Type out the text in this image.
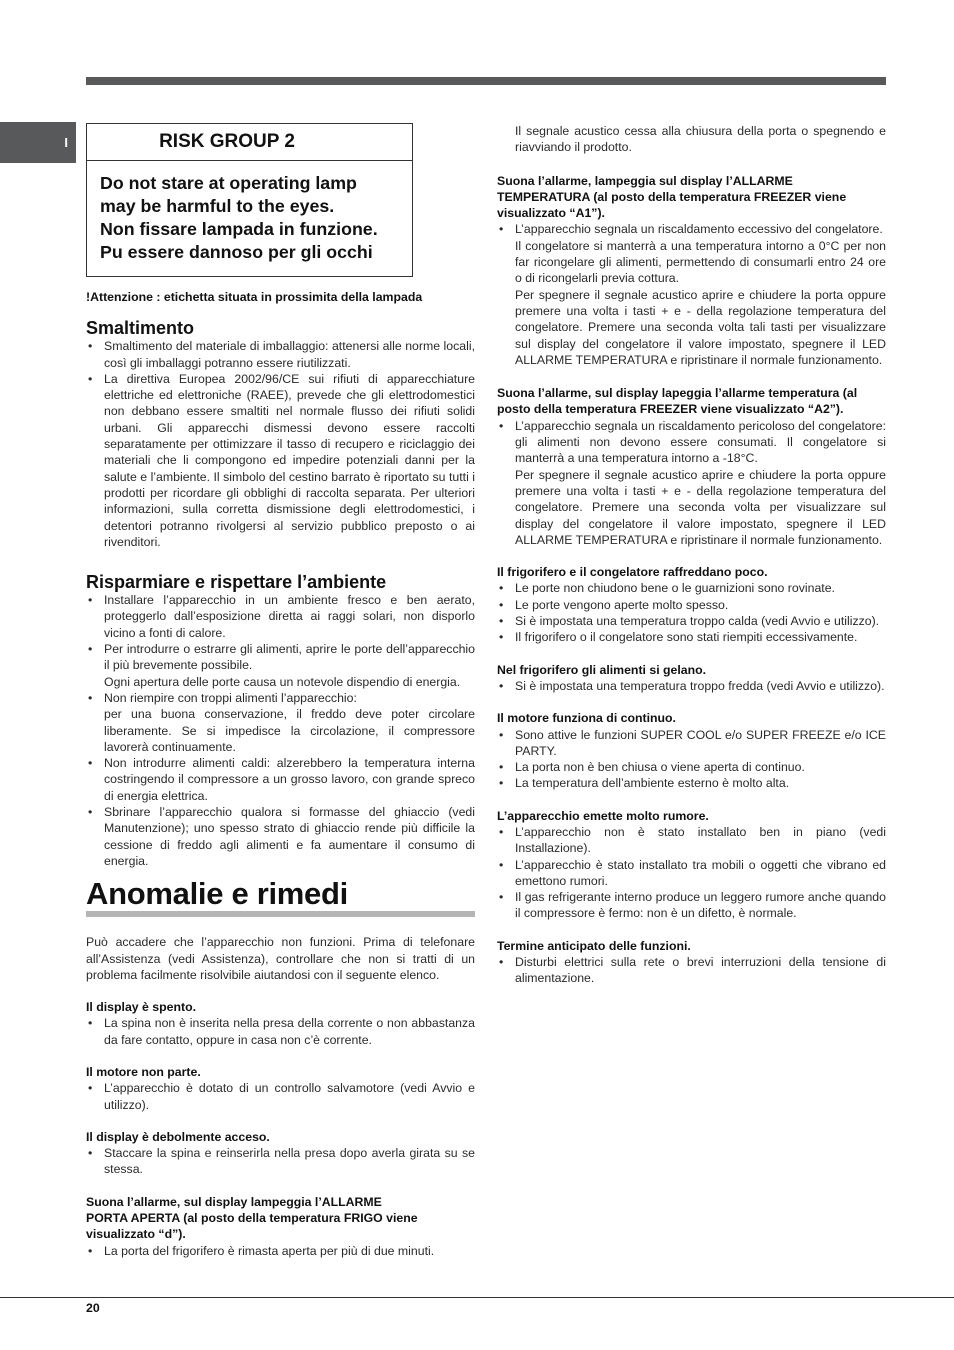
I	RISK GROUP 2
Do not stare at operating lamp
may be harmful to the eyes.
Non fissare lampada in funzione.
Pu essere dannoso per gli occhi
!Attenzione : etichetta situata in prossimita della lampada
Smaltimento
• Smaltimento del materiale di imballaggio: attenersi alle norme locali, così gli imballaggi potranno essere riutilizzati.
• La direttiva Europea 2002/96/CE sui rifiuti di apparecchiature elettriche ed elettroniche (RAEE), prevede che gli elettrodomestici non debbano essere smaltiti nel normale flusso dei rifiuti solidi urbani. Gli apparecchi dismessi devono essere raccolti separatamente per ottimizzare il tasso di recupero e riciclaggio dei materiali che li compongono ed impedire potenziali danni per la salute e l’ambiente. Il simbolo del cestino barrato è riportato su tutti i prodotti per ricordare gli obblighi di raccolta separata. Per ulteriori informazioni, sulla corretta dismissione degli elettrodomestici, i detentori potranno rivolgersi al servizio pubblico preposto o ai rivenditori.
Risparmiare e rispettare l’ambiente
• Installare l’apparecchio in un ambiente fresco e ben aerato, proteggerlo dall’esposizione diretta ai raggi solari, non disporlo vicino a fonti di calore.
• Per introdurre o estrarre gli alimenti, aprire le porte dell’apparecchio il più brevemente possibile.
Ogni apertura delle porte causa un notevole dispendio di energia.
• Non riempire con troppi alimenti l’apparecchio:
per una buona conservazione, il freddo deve poter circolare liberamente. Se si impedisce la circolazione, il compressore lavorerà continuamente.
• Non introdurre alimenti caldi: alzerebbero la temperatura interna costringendo il compressore a un grosso lavoro, con grande spreco di energia elettrica.
• Sbrinare l’apparecchio qualora si formasse del ghiaccio (vedi Manutenzione); uno spesso strato di ghiaccio rende più difficile la cessione di freddo agli alimenti e fa aumentare il consumo di energia.
Anomalie e rimedi

Può accadere che l’apparecchio non funzioni. Prima di telefonare all’Assistenza (vedi Assistenza), controllare che non si tratti di un problema facilmente risolvibile aiutandosi con il seguente elenco.

Il display è spento.
• La spina non è inserita nella presa della corrente o non abbastanza da fare contatto, oppure in casa non c’è corrente.
Il motore non parte.
• L’apparecchio è dotato di un controllo salvamotore (vedi Avvio e utilizzo).
Il display è debolmente acceso.
• Staccare la spina e reinserirla nella presa dopo averla girata su se stessa.
Suona l’allarme, sul display lampeggia l’ALLARME
PORTA APERTA (al posto della temperatura FRIGO viene
visualizzato “d”).
• La porta del frigorifero è rimasta aperta per più di due minuti.
Il segnale acustico cessa alla chiusura della porta o spegnendo e riavviando il prodotto.
Suona l’allarme, lampeggia sul display l’ALLARME TEMPERATURA (al posto della temperatura FREEZER viene visualizzato “A1”).
• L’apparecchio segnala un riscaldamento eccessivo del congelatore.
Il congelatore si manterrà a una temperatura intorno a 0°C per non far ricongelare gli alimenti, permettendo di consumarli entro 24 ore o di ricongelarli previa cottura.
Per spegnere il segnale acustico aprire e chiudere la porta oppure premere una volta i tasti + e - della regolazione temperatura del congelatore. Premere una seconda volta tali tasti per visualizzare sul display del congelatore il valore impostato, spegnere il LED ALLARME TEMPERATURA e ripristinare il normale funzionamento.
Suona l’allarme, sul display lapeggia l’allarme temperatura (al posto della temperatura FREEZER viene visualizzato “A2”).
• L’apparecchio segnala un riscaldamento pericoloso del congelatore: gli alimenti non devono essere consumati. Il congelatore si manterrà a una temperatura intorno a -18°C.
Per spegnere il segnale acustico aprire e chiudere la porta oppure premere una volta i tasti + e - della regolazione temperatura del congelatore. Premere una seconda volta per visualizzare sul display del congelatore il valore impostato, spegnere il LED ALLARME TEMPERATURA e ripristinare il normale funzionamento.
Il frigorifero e il congelatore raffreddano poco.
• Le porte non chiudono bene o le guarnizioni sono rovinate.
• Le porte vengono aperte molto spesso.
• Si è impostata una temperatura troppo calda (vedi Avvio e utilizzo).
• Il frigorifero o il congelatore sono stati riempiti eccessivamente.
Nel frigorifero gli alimenti si gelano.
• Si è impostata una temperatura troppo fredda (vedi Avvio e utilizzo).
Il motore funziona di continuo.
• Sono attive le funzioni SUPER COOL e/o SUPER FREEZE e/o ICE PARTY.
• La porta non è ben chiusa o viene aperta di continuo.
• La temperatura dell’ambiente esterno è molto alta.
L’apparecchio emette molto rumore.
• L’apparecchio non è stato installato ben in piano (vedi Installazione).
• L’apparecchio è stato installato tra mobili o oggetti che vibrano ed emettono rumori.
• Il gas refrigerante interno produce un leggero rumore anche quando il compressore è fermo: non è un difetto, è normale.
Termine anticipato delle funzioni.
• Disturbi elettrici sulla rete o brevi interruzioni della tensione di alimentazione.
20
